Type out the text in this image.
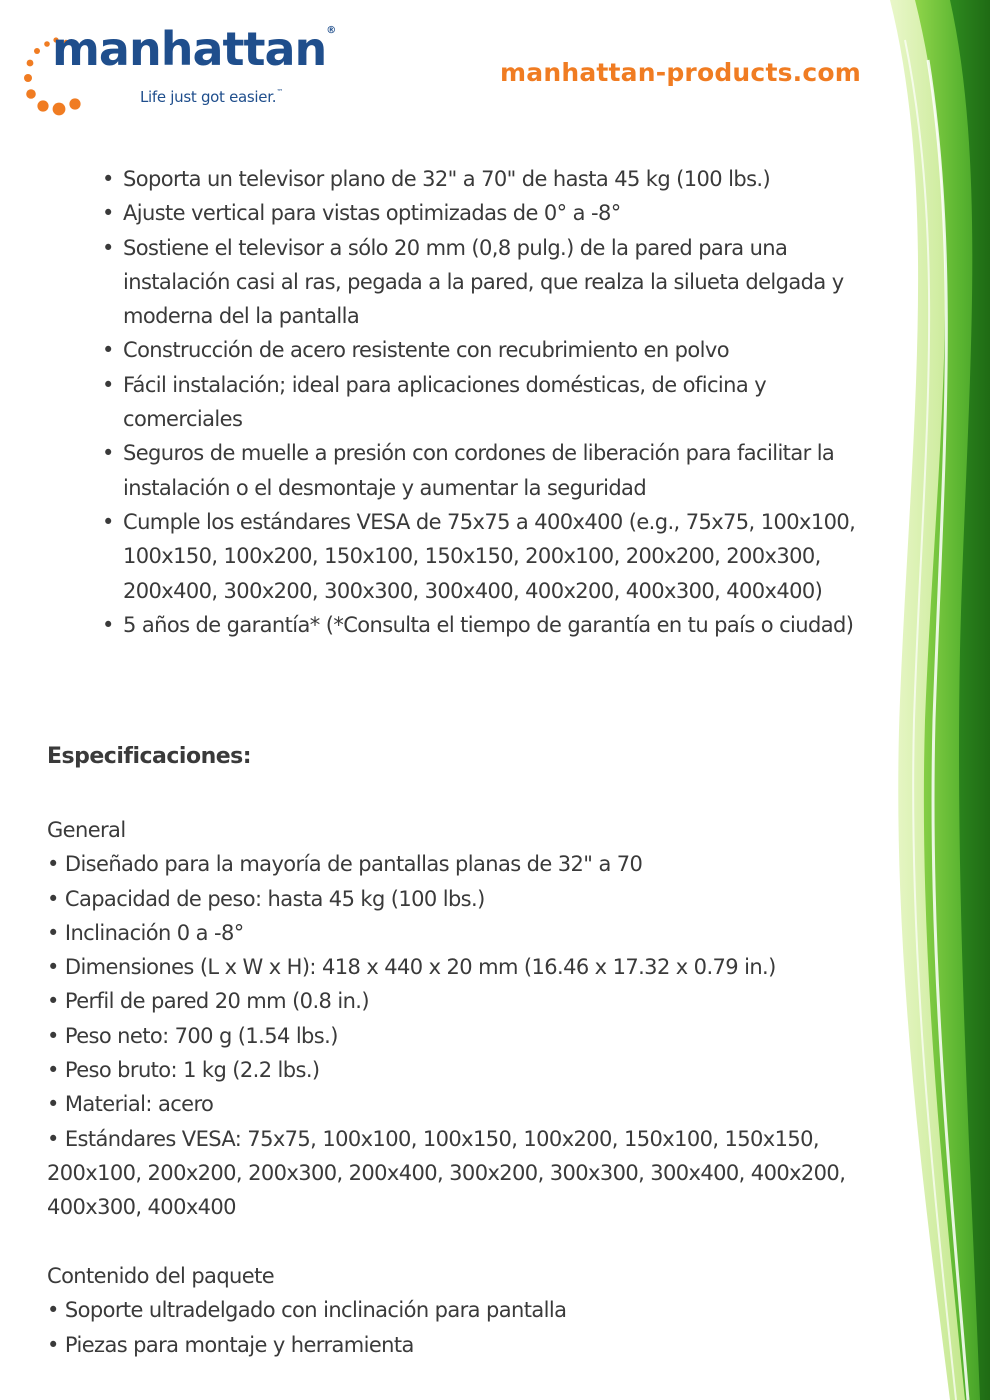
manhattan®
Life just got easier.™
manhattan-products.com
• Soporta un televisor plano de 32" a 70" de hasta 45 kg (100 lbs.)
• Ajuste vertical para vistas optimizadas de 0° a -8°
• Sostiene el televisor a sólo 20 mm (0,8 pulg.) de la pared para una instalación casi al ras, pegada a la pared, que realza la silueta delgada y moderna del la pantalla
• Construcción de acero resistente con recubrimiento en polvo
• Fácil instalación; ideal para aplicaciones domésticas, de oficina y comerciales
• Seguros de muelle a presión con cordones de liberación para facilitar la instalación o el desmontaje y aumentar la seguridad
• Cumple los estándares VESA de 75x75 a 400x400 (e.g., 75x75, 100x100, 100x150, 100x200, 150x100, 150x150, 200x100, 200x200, 200x300, 200x400, 300x200, 300x300, 300x400, 400x200, 400x300, 400x400)
• 5 años de garantía* (*Consulta el tiempo de garantía en tu país o ciudad)
Especificaciones:
General
• Diseñado para la mayoría de pantallas planas de 32" a 70
• Capacidad de peso: hasta 45 kg (100 lbs.)
• Inclinación 0 a -8°
• Dimensiones (L x W x H): 418 x 440 x 20 mm (16.46 x 17.32 x 0.79 in.)
• Perfil de pared 20 mm (0.8 in.)
• Peso neto: 700 g (1.54 lbs.)
• Peso bruto: 1 kg (2.2 lbs.)
• Material: acero
• Estándares VESA: 75x75, 100x100, 100x150, 100x200, 150x100, 150x150, 200x100, 200x200, 200x300, 200x400, 300x200, 300x300, 300x400, 400x200, 400x300, 400x400
Contenido del paquete
• Soporte ultradelgado con inclinación para pantalla
• Piezas para montaje y herramienta
